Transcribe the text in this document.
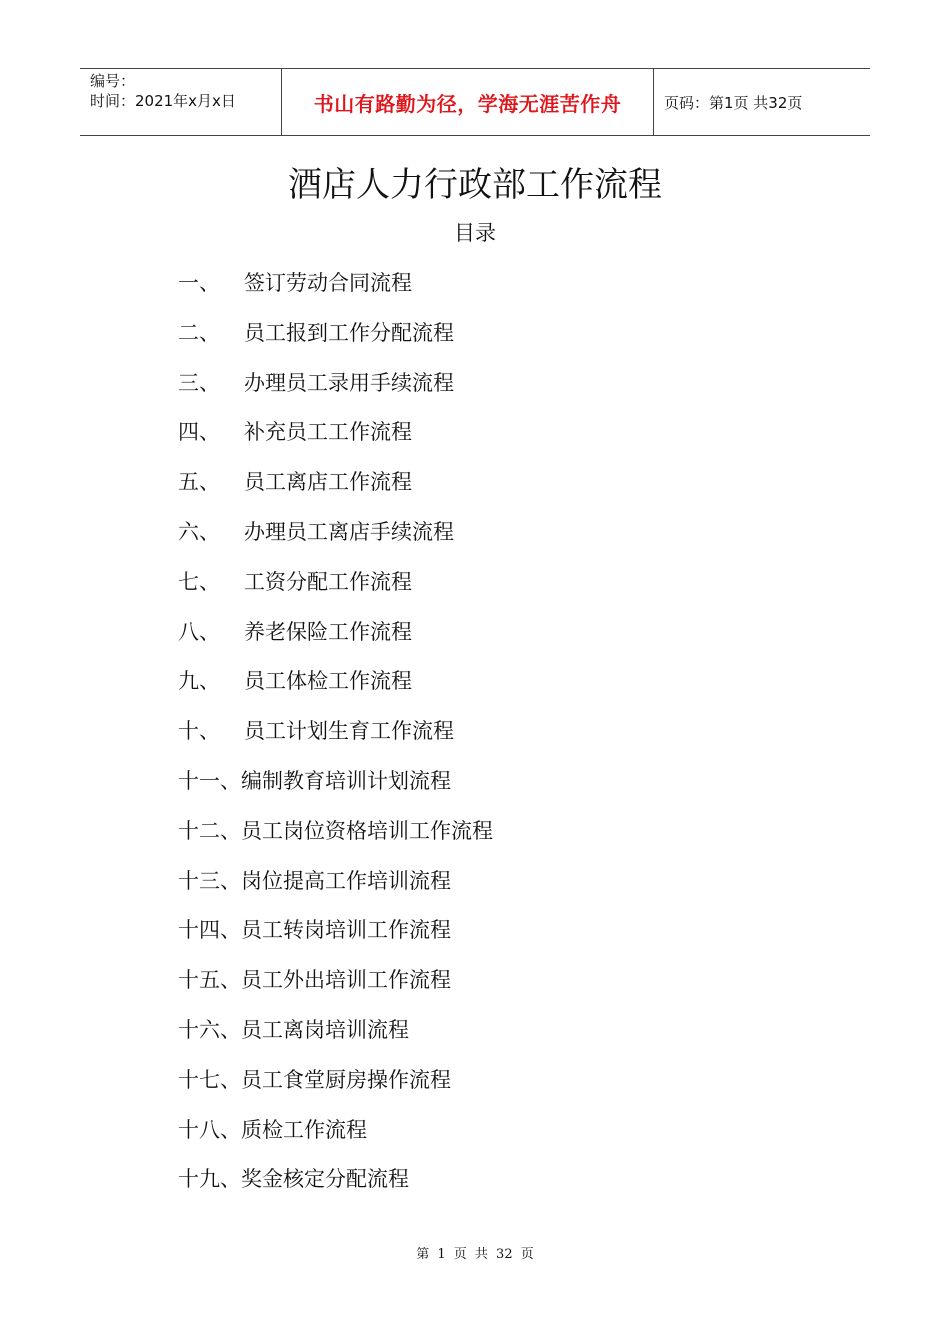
编号：
时间：2021年x月x日	书山有路勤为径，学海无涯苦作舟	页码：第1页 共32页
酒店人力行政部工作流程
目录
一、	签订劳动合同流程
二、	员工报到工作分配流程
三、	办理员工录用手续流程
四、	补充员工工作流程
五、	员工离店工作流程
六、	办理员工离店手续流程
七、	工资分配工作流程
八、	养老保险工作流程
九、	员工体检工作流程
十、	员工计划生育工作流程
十一、 编制教育培训计划流程
十二、 员工岗位资格培训工作流程
十三、 岗位提高工作培训流程
十四、 员工转岗培训工作流程
十五、 员工外出培训工作流程
十六、 员工离岗培训流程
十七、 员工食堂厨房操作流程
十八、 质检工作流程
十九、 奖金核定分配流程
第 1 页 共 32 页
